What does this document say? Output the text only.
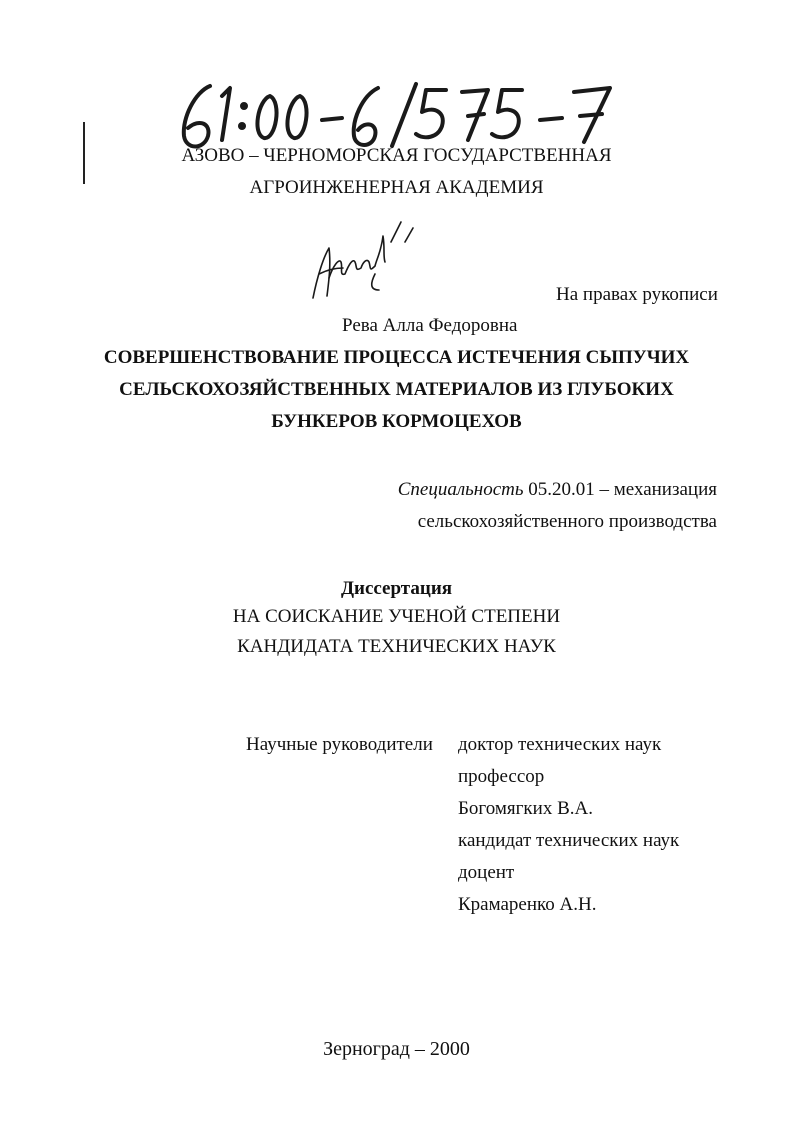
АЗОВО – ЧЕРНОМОРСКАЯ ГОСУДАРСТВЕННАЯ
АГРОИНЖЕНЕРНАЯ АКАДЕМИЯ
На правах рукописи
Рева Алла Федоровна
СОВЕРШЕНСТВОВАНИЕ ПРОЦЕССА ИСТЕЧЕНИЯ СЫПУЧИХ
СЕЛЬСКОХОЗЯЙСТВЕННЫХ МАТЕРИАЛОВ ИЗ ГЛУБОКИХ
БУНКЕРОВ КОРМОЦЕХОВ
Специальность 05.20.01 – механизация
сельскохозяйственного производства
Диссертация
НА СОИСКАНИЕ УЧЕНОЙ СТЕПЕНИ
КАНДИДАТА ТЕХНИЧЕСКИХ НАУК
Научные руководители доктор технических наук
профессор
Богомягких В.А.
кандидат технических наук
доцент
Крамаренко А.Н.
Зерноград – 2000
